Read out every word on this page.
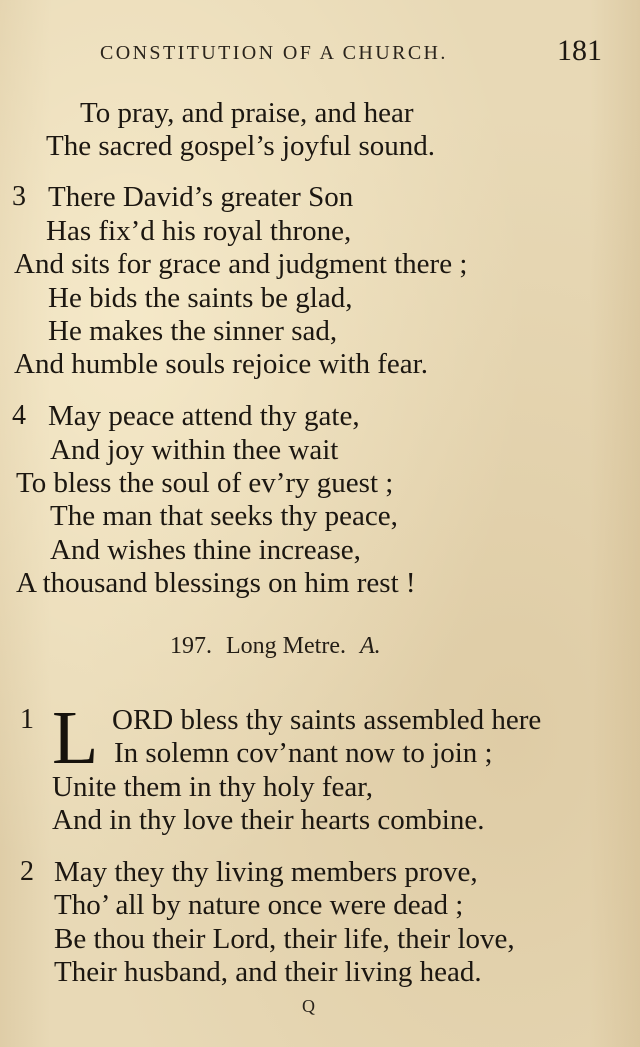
CONSTITUTION OF A CHURCH.	181
To pray, and praise, and hear
The sacred gospel’s joyful sound.
3 There David’s greater Son
Has fix’d his royal throne,
And sits for grace and judgment there ;
He bids the saints be glad,
He makes the sinner sad,
And humble souls rejoice with fear.
4 May peace attend thy gate,
And joy within thee wait
To bless the soul of ev’ry guest ;
The man that seeks thy peace,
And wishes thine increase,
A thousand blessings on him rest !
197. Long Metre. A.
1 L ORD bless thy saints assembled here
In solemn cov’nant now to join ;
Unite them in thy holy fear,
And in thy love their hearts combine.
2 May they thy living members prove,
Tho’ all by nature once were dead ;
Be thou their Lord, their life, their love,
Their husband, and their living head.
Q
